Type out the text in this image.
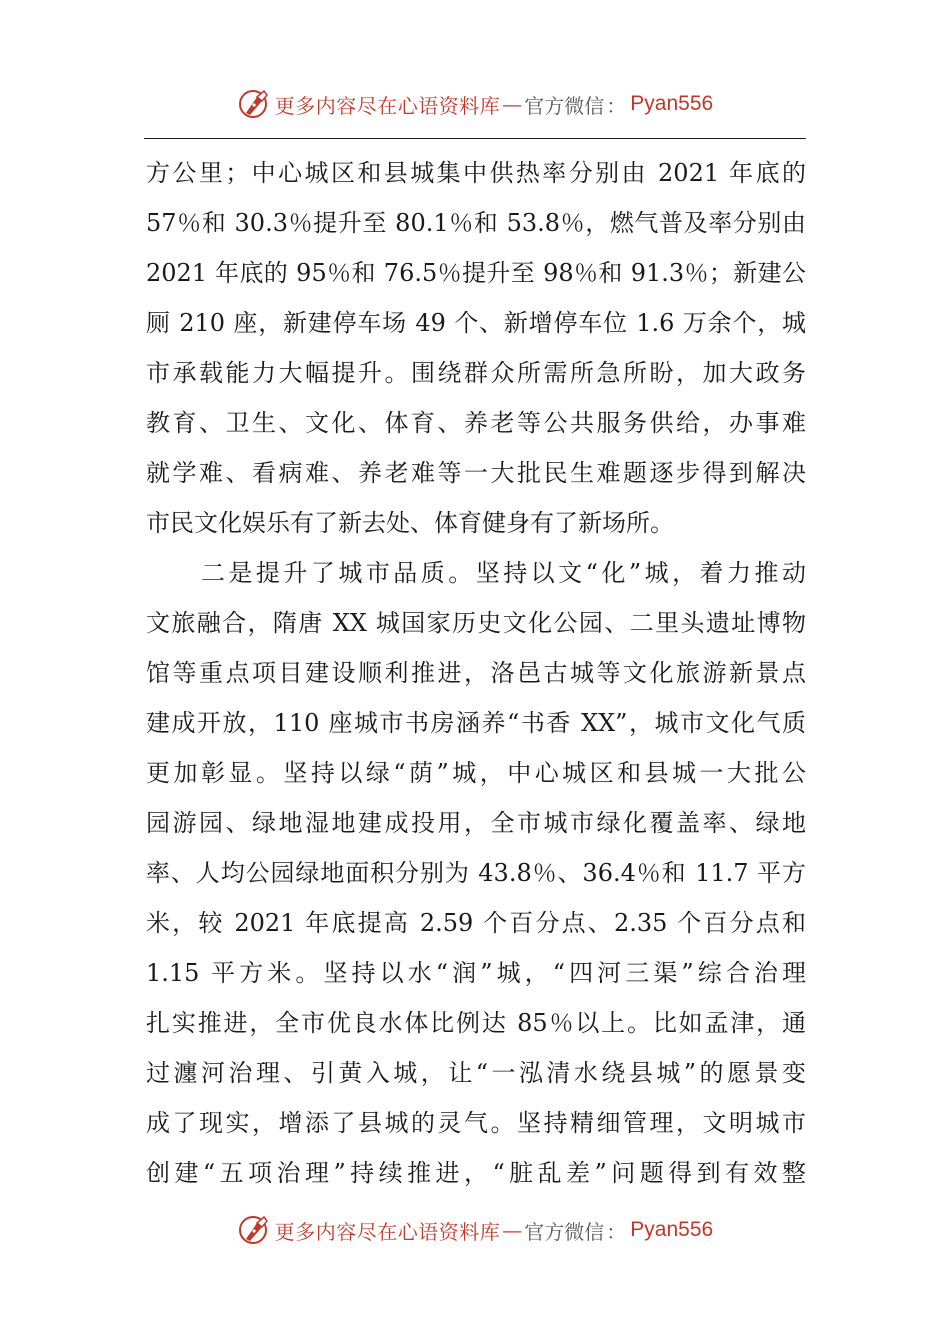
更多内容尽在心语资料库 — 官方微信 ： Pyan556
方公里；中心城区和县城集中供热率分别由 2021 年底的
57％和 30.3％提升至 80.1％和 53.8％，燃气普及率分别由
2021 年底的 95％和 76.5％提升至 98％和 91.3％；新建公
厕 210 座，新建停车场 49 个、新增停车位 1.6 万余个，城
市承载能力大幅提升。围绕群众所需所急所盼，加大政务
教育、卫生、文化、体育、养老等公共服务供给，办事难
就学难、看病难、养老难等一大批民生难题逐步得到解决
市民文化娱乐有了新去处、体育健身有了新场所。
　　二是提升了城市品质。坚持以文“化”城，着力推动
文旅融合，隋唐 XX 城国家历史文化公园、二里头遗址博物
馆等重点项目建设顺利推进，洛邑古城等文化旅游新景点
建成开放，110 座城市书房涵养“书香 XX”，城市文化气质
更加彰显。坚持以绿“荫”城，中心城区和县城一大批公
园游园、绿地湿地建成投用，全市城市绿化覆盖率、绿地
率、人均公园绿地面积分别为 43.8％、36.4％和 11.7 平方
米，较 2021 年底提高 2.59 个百分点、2.35 个百分点和
1.15 平方米。坚持以水“润”城，“四河三渠”综合治理
扎实推进，全市优良水体比例达 85％以上。比如孟津，通
过瀍河治理、引黄入城，让“一泓清水绕县城”的愿景变
成了现实，增添了县城的灵气。坚持精细管理，文明城市
创建“五项治理”持续推进，“脏乱差”问题得到有效整
更多内容尽在心语资料库 — 官方微信 ： Pyan556
